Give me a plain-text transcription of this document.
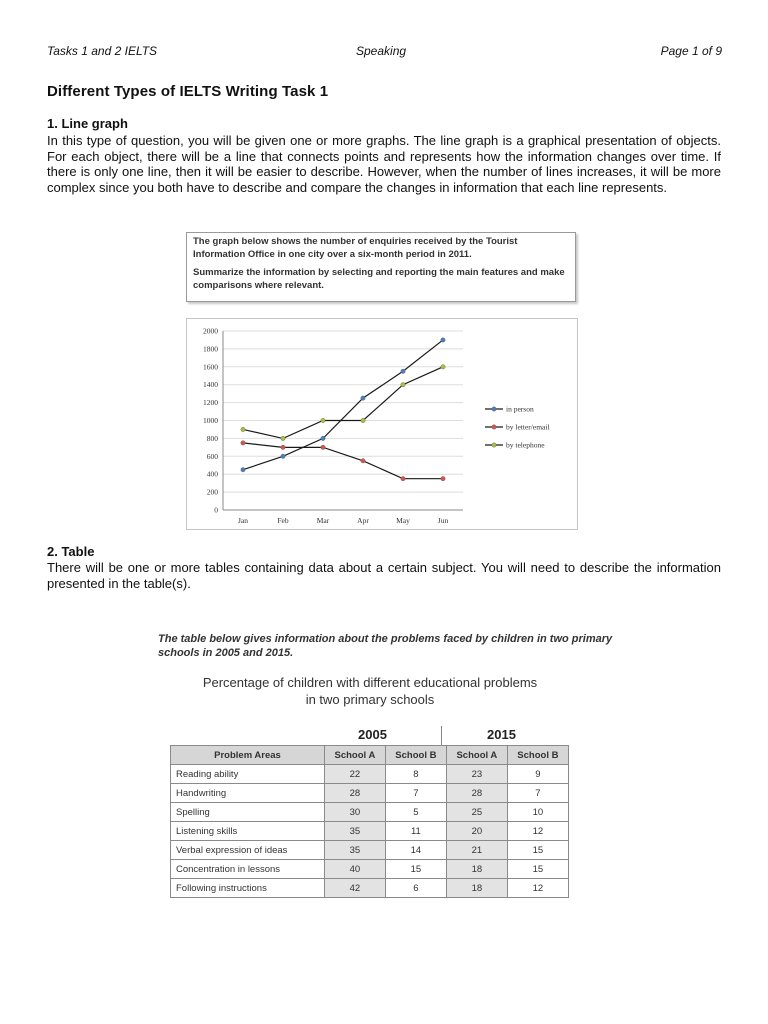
Tasks 1 and 2 IELTS	Speaking	Page 1 of 9
Different Types of IELTS Writing Task 1
1. Line graph

In this type of question, you will be given one or more graphs. The line graph is a graphical presentation of objects. For each object, there will be a line that connects points and represents how the information changes over time. If there is only one line, then it will be easier to describe. However, when the number of lines increases, it will be more complex since you both have to describe and compare the changes in information that each line represents.

The graph below shows the number of enquiries received by the Tourist Information Office in one city over a six-month period in 2011.

Summarize the information by selecting and reporting the main features and make comparisons where relevant.

2000
1800
1600
1400
1200
1000
800
600
400
200
0
Jan	Feb	Mar	Apr	May	Jun
in person
by letter/email
by telephone
2. Table

There will be one or more tables containing data about a certain subject. You will need to describe the information presented in the table(s).

The table below gives information about the problems faced by children in two primary schools in 2005 and 2015.

Percentage of children with different educational problems
in two primary schools
2005	2015
Problem Areas	School A	School B	School A	School B
Reading ability	22	8	23	9
Handwriting	28	7	28	7
Spelling	30	5	25	10
Listening skills	35	11	20	12
Verbal expression of ideas	35	14	21	15
Concentration in lessons	40	15	18	15
Following instructions	42	6	18	12
